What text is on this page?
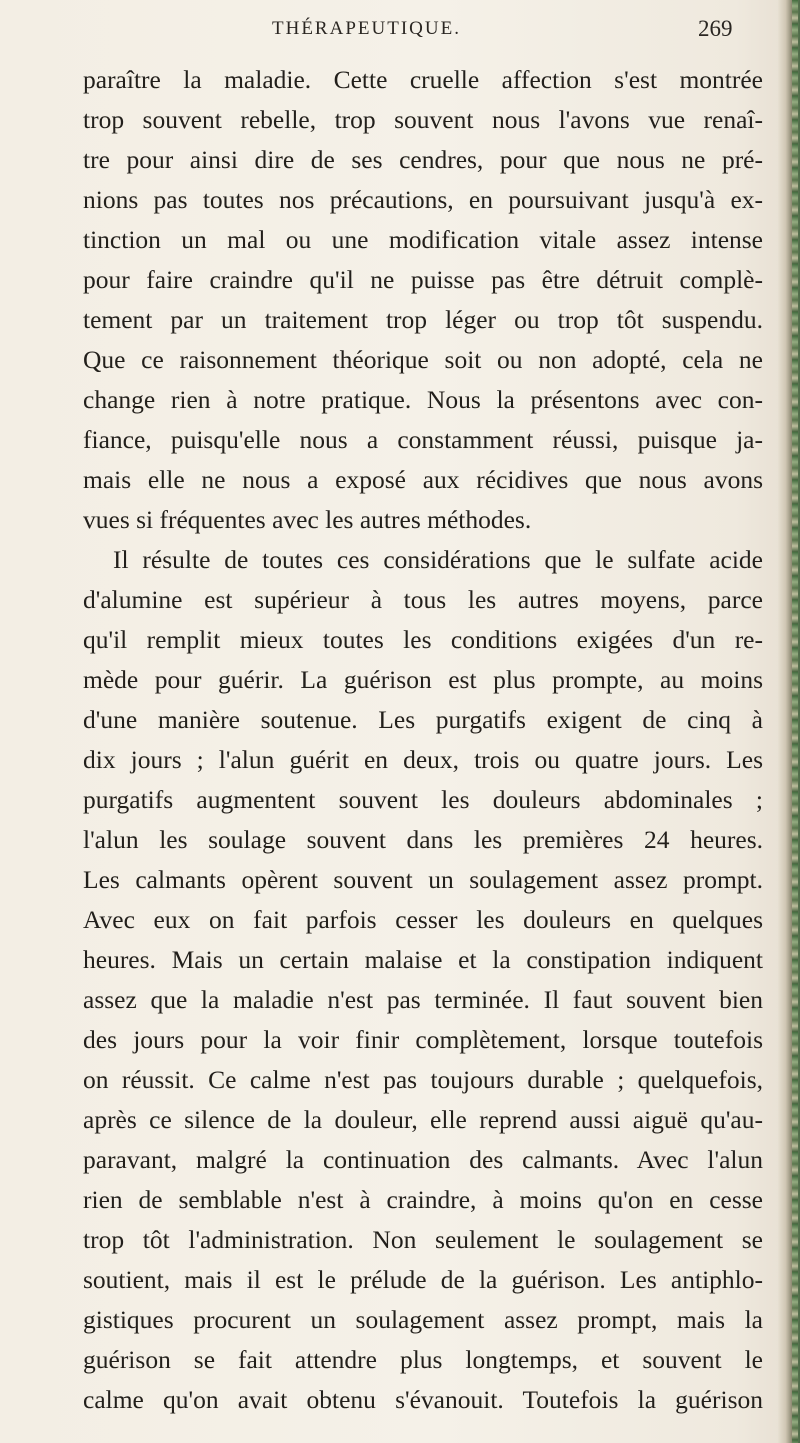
THÉRAPEUTIQUE.	269
paraître la maladie. Cette cruelle affection s'est montrée
trop souvent rebelle, trop souvent nous l'avons vue renaî-
tre pour ainsi dire de ses cendres, pour que nous ne pré-
nions pas toutes nos précautions, en poursuivant jusqu'à ex-
tinction un mal ou une modification vitale assez intense
pour faire craindre qu'il ne puisse pas être détruit complè-
tement par un traitement trop léger ou trop tôt suspendu.
Que ce raisonnement théorique soit ou non adopté, cela ne
change rien à notre pratique. Nous la présentons avec con-
fiance, puisqu'elle nous a constamment réussi, puisque ja-
mais elle ne nous a exposé aux récidives que nous avons
vues si fréquentes avec les autres méthodes.
Il résulte de toutes ces considérations que le sulfate acide
d'alumine est supérieur à tous les autres moyens, parce
qu'il remplit mieux toutes les conditions exigées d'un re-
mède pour guérir. La guérison est plus prompte, au moins
d'une manière soutenue. Les purgatifs exigent de cinq à
dix jours ; l'alun guérit en deux, trois ou quatre jours. Les
purgatifs augmentent souvent les douleurs abdominales ;
l'alun les soulage souvent dans les premières 24 heures.
Les calmants opèrent souvent un soulagement assez prompt.
Avec eux on fait parfois cesser les douleurs en quelques
heures. Mais un certain malaise et la constipation indiquent
assez que la maladie n'est pas terminée. Il faut souvent bien
des jours pour la voir finir complètement, lorsque toutefois
on réussit. Ce calme n'est pas toujours durable ; quelquefois,
après ce silence de la douleur, elle reprend aussi aiguë qu'au-
paravant, malgré la continuation des calmants. Avec l'alun
rien de semblable n'est à craindre, à moins qu'on en cesse
trop tôt l'administration. Non seulement le soulagement se
soutient, mais il est le prélude de la guérison. Les antiphlo-
gistiques procurent un soulagement assez prompt, mais la
guérison se fait attendre plus longtemps, et souvent le
calme qu'on avait obtenu s'évanouit. Toutefois la guérison
